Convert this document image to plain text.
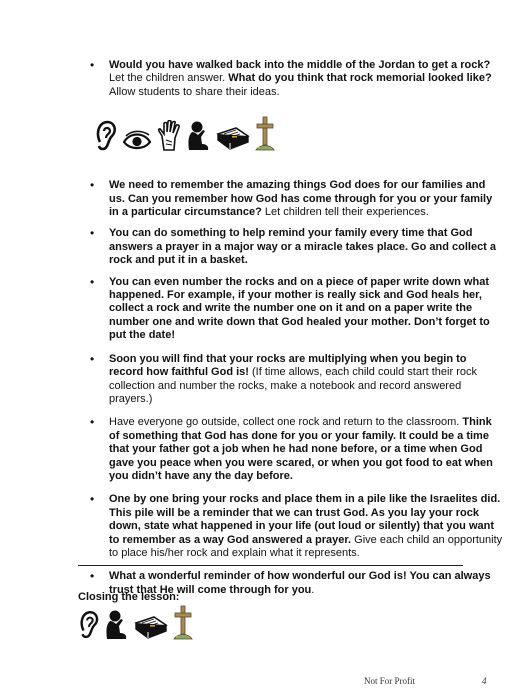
• Would you have walked back into the middle of the Jordan to get a rock? Let the children answer. What do you think that rock memorial looked like? Allow students to share their ideas.
• We need to remember the amazing things God does for our families and us. Can you remember how God has come through for you or your family in a particular circumstance? Let children tell their experiences.
• You can do something to help remind your family every time that God answers a prayer in a major way or a miracle takes place. Go and collect a rock and put it in a basket.
• You can even number the rocks and on a piece of paper write down what happened. For example, if your mother is really sick and God heals her, collect a rock and write the number one on it and on a paper write the number one and write down that God healed your mother. Don’t forget to put the date!
• Soon you will find that your rocks are multiplying when you begin to record how faithful God is! (If time allows, each child could start their rock collection and number the rocks, make a notebook and record answered prayers.)
• Have everyone go outside, collect one rock and return to the classroom. Think of something that God has done for you or your family. It could be a time that your father got a job when he had none before, or a time when God gave you peace when you were scared, or when you got food to eat when you didn’t have any the day before.
• One by one bring your rocks and place them in a pile like the Israelites did. This pile will be a reminder that we can trust God. As you lay your rock down, state what happened in your life (out loud or silently) that you want to remember as a way God answered a prayer. Give each child an opportunity to place his/her rock and explain what it represents.
• What a wonderful reminder of how wonderful our God is! You can always trust that He will come through for you.
Closing the lesson:
Not For Profit	4
